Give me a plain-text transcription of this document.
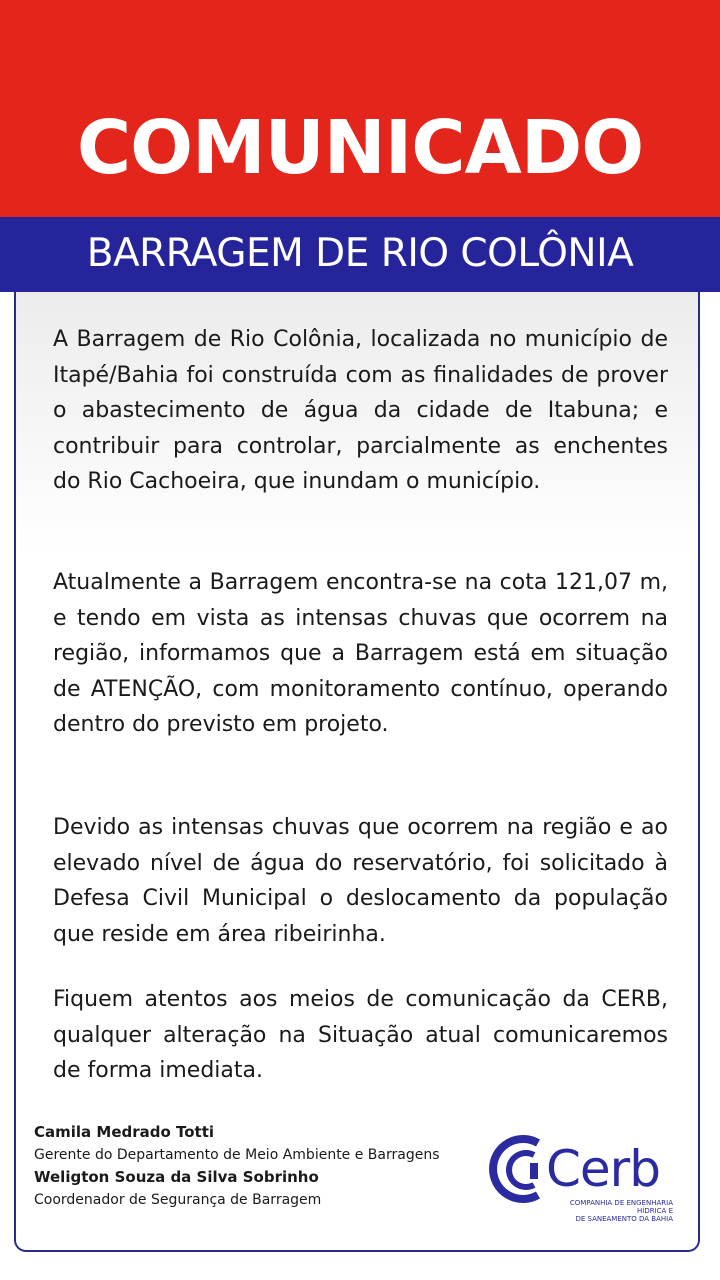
COMUNICADO
BARRAGEM DE RIO COLÔNIA
A Barragem de Rio Colônia, localizada no município de Itapé/Bahia foi construída com as finalidades de prover o abastecimento de água da cidade de Itabuna; e contribuir para controlar, parcialmente as enchentes do Rio Cachoeira, que inundam o município.
Atualmente a Barragem encontra-se na cota 121,07 m, e tendo em vista as intensas chuvas que ocorrem na região, informamos que a Barragem está em situação de ATENÇÃO, com monitoramento contínuo, operando dentro do previsto em projeto.
Devido as intensas chuvas que ocorrem na região e ao elevado nível de água do reservatório, foi solicitado à Defesa Civil Municipal o deslocamento da população que reside em área ribeirinha.
Fiquem atentos aos meios de comunicação da CERB, qualquer alteração na Situação atual comunicaremos de forma imediata.
Camila Medrado Totti
Gerente do Departamento de Meio Ambiente e Barragens
Weligton Souza da Silva Sobrinho
Coordenador de Segurança de Barragem
Cerb
COMPANHIA DE ENGENHARIA HÍDRICA E
DE SANEAMENTO DA BAHIA
